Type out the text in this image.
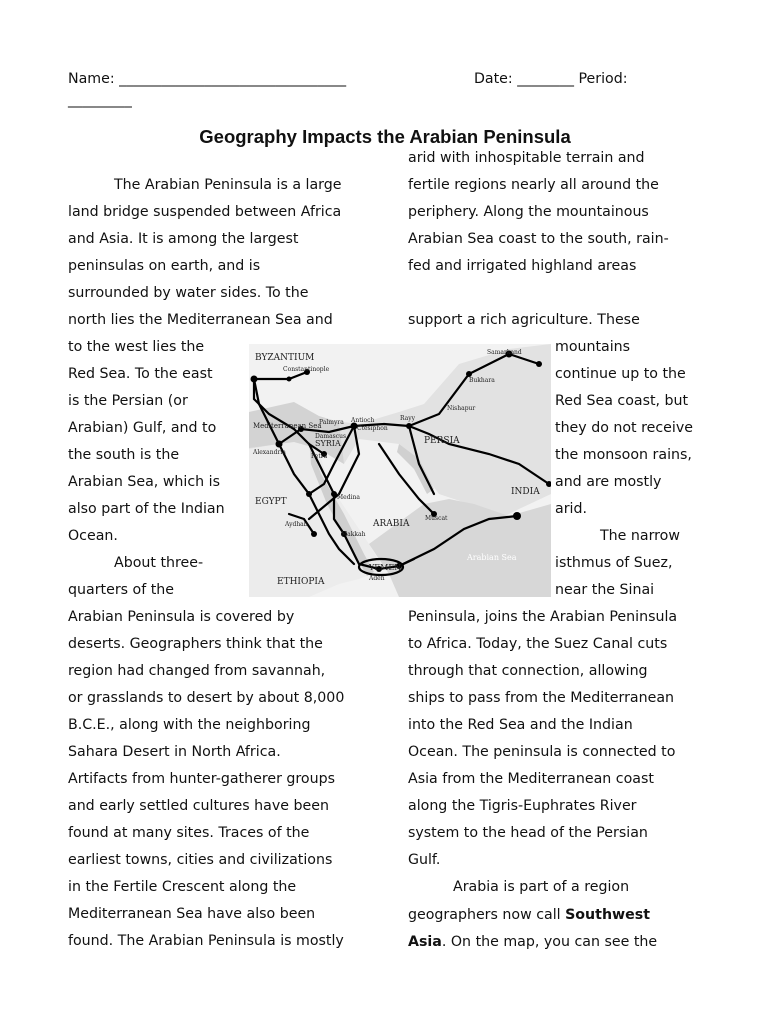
Name: ________________________________	Date: ________ Period:
_________
Geography Impacts the Arabian Peninsula
The Arabian Peninsula is a large
land bridge suspended between Africa
and Asia. It is among the largest
peninsulas on earth, and is
surrounded by water sides. To the
north lies the Mediterranean Sea and
to the west lies the
Red Sea. To the east
is the Persian (or
Arabian) Gulf, and to
the south is the
Arabian Sea, which is
also part of the Indian
Ocean.
About three-
quarters of the
Arabian Peninsula is covered by
deserts. Geographers think that the
region had changed from savannah,
or grasslands to desert by about 8,000
B.C.E., along with the neighboring
Sahara Desert in North Africa.
Artifacts from hunter-gatherer groups
and early settled cultures have been
found at many sites. Traces of the
earliest towns, cities and civilizations
in the Fertile Crescent along the
Mediterranean Sea have also been
found. The Arabian Peninsula is mostly
arid with inhospitable terrain and
fertile regions nearly all around the
periphery. Along the mountainous
Arabian Sea coast to the south, rain-
fed and irrigated highland areas
support a rich agriculture. These
mountains
continue up to the
Red Sea coast, but
they do not receive
the monsoon rains,
and are mostly
arid.
The narrow
isthmus of Suez,
near the Sinai
Peninsula, joins the Arabian Peninsula
to Africa. Today, the Suez Canal cuts
through that connection, allowing
ships to pass from the Mediterranean
into the Red Sea and the Indian
Ocean. The peninsula is connected to
Asia from the Mediterranean coast
along the Tigris-Euphrates River
system to the head of the Persian
Gulf.
Arabia is part of a region
geographers now call Southwest
Asia. On the map, you can see the
BYZANTIUM
Constantinople
Samarkand
Bukhara
Mediterranean Sea
Antioch
Palmyra
Ctesiphon
Rayy
Nishapur
SYRIA
Damascus
Alexandria
Petra
PERSIA
EGYPT
INDIA
ARABIA
Medina
Makkah
Aydhab
Muscat
Arabian Sea
ETHIOPIA
YEMEN
Aden
